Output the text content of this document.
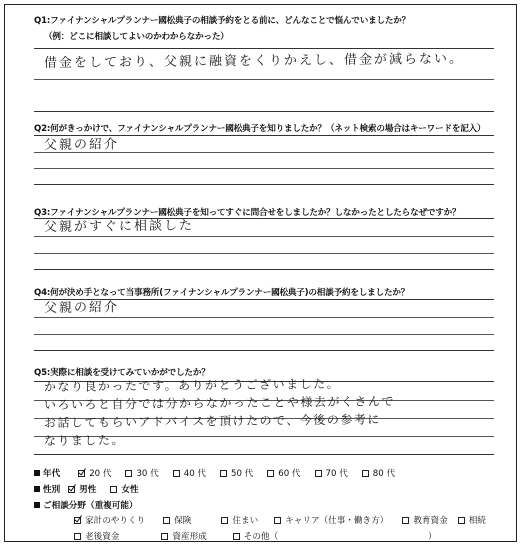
Q1:ファイナンシャルプランナー國松典子の相談予約をとる前に、どんなことで悩んでいましたか？
（例：どこに相談してよいのかわからなかった）
借金をしており、父親に融資をくりかえし、借金が減らない。
Q2:何がきっかけで、ファイナンシャルプランナー國松典子を知りましたか？（ネット検索の場合はキーワードを記入）
父親の紹介
Q3:ファイナンシャルプランナー國松典子を知ってすぐに問合せをしましたか？しなかったとしたらなぜですか？
父親がすぐに相談した
Q4:何が決め手となって当事務所(ファイナンシャルプランナー國松典子)の相談予約をしましたか？
父親の紹介
Q5:実際に相談を受けてみていかがでしたか？
かなり良かったです。ありがとうございました。
いろいろと自分では分からなかったことや様去がくさんで
お話してもらいアドバイスを頂けたので、今後の参考に
なりました。
年代	20 代	30 代	40 代	50 代	60 代	70 代	80 代
性別 男性	女性
ご相談分野（重複可能）
家計のやりくり	保険	住まい	キャリア（仕事・働き方）	教育資金 相続
老後資金	資産形成	その他（	）
